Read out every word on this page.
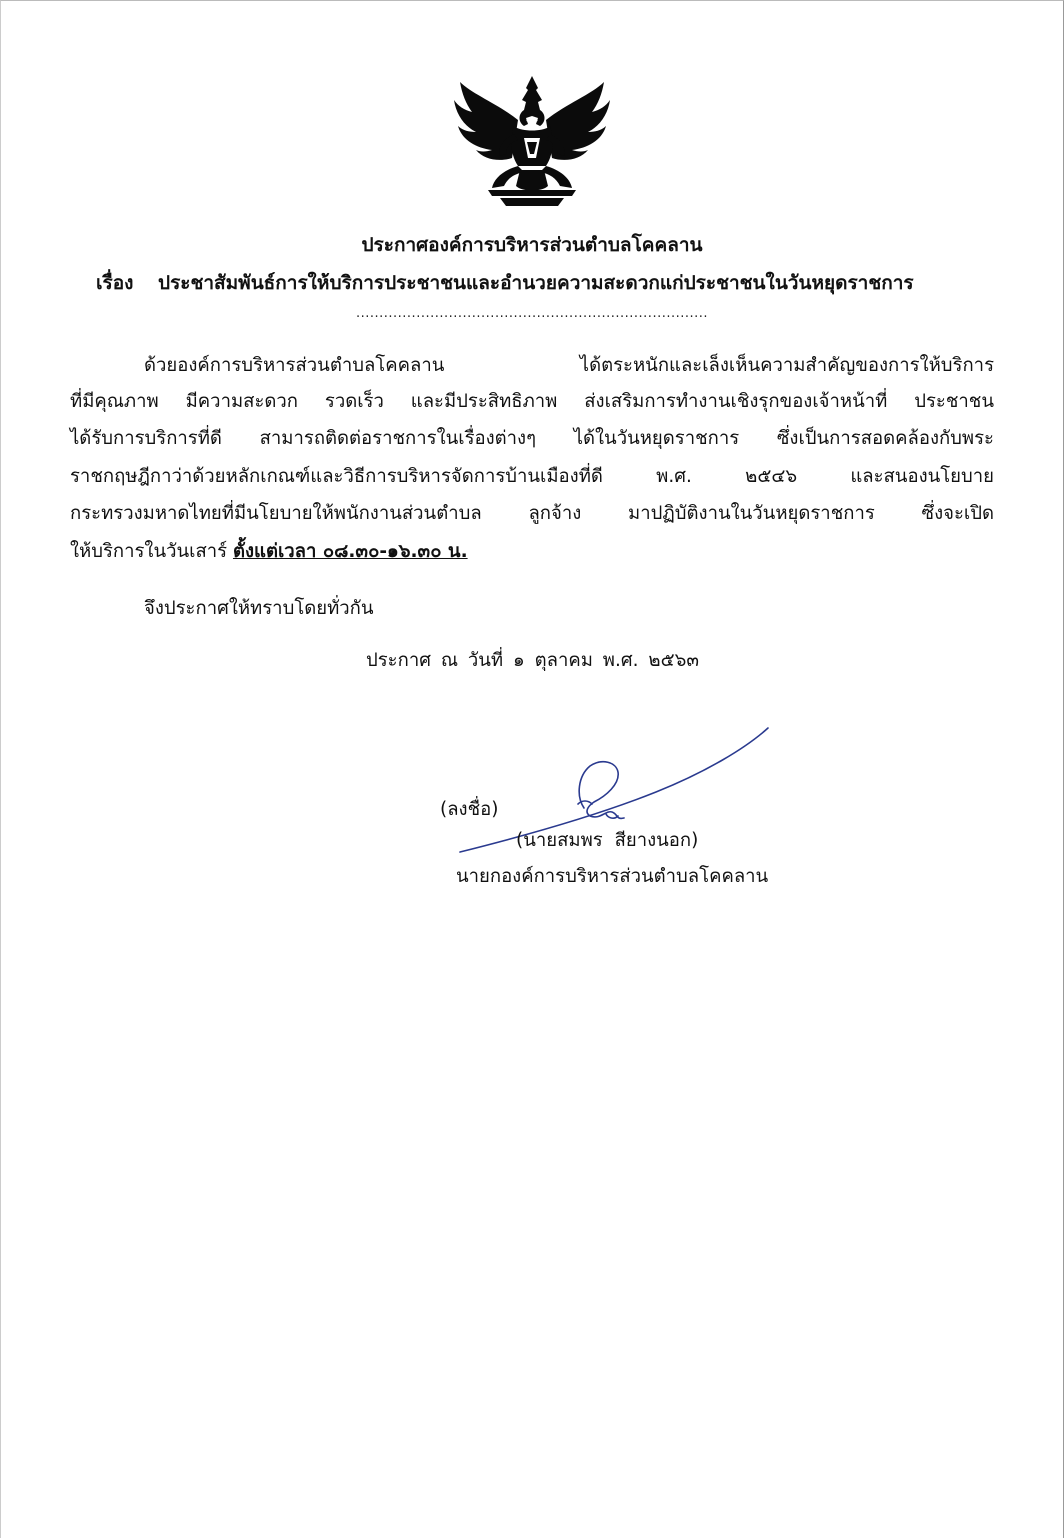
ประกาศองค์การบริหารส่วนตำบลโคคลาน
เรื่อง ประชาสัมพันธ์การให้บริการประชาชนและอำนวยความสะดวกแก่ประชาชนในวันหยุดราชการ
............................................................................
ด้วยองค์การบริหารส่วนตำบลโคคลาน ได้ตระหนักและเล็งเห็นความสำคัญของการให้บริการ
ที่มีคุณภาพ มีความสะดวก รวดเร็ว และมีประสิทธิภาพ ส่งเสริมการทำงานเชิงรุกของเจ้าหน้าที่ ประชาชน
ได้รับการบริการที่ดี สามารถติดต่อราชการในเรื่องต่างๆ ได้ในวันหยุดราชการ ซึ่งเป็นการสอดคล้องกับพระ
ราชกฤษฎีกาว่าด้วยหลักเกณฑ์และวิธีการบริหารจัดการบ้านเมืองที่ดี พ.ศ. ๒๕๔๖ และสนองนโยบาย
กระทรวงมหาดไทยที่มีนโยบายให้พนักงานส่วนตำบล ลูกจ้าง มาปฏิบัติงานในวันหยุดราชการ ซึ่งจะเปิด
ให้บริการในวันเสาร์ ตั้งแต่เวลา ๐๘.๓๐-๑๖.๓๐ น.
จึงประกาศให้ทราบโดยทั่วกัน
ประกาศ ณ วันที่ ๑ ตุลาคม พ.ศ. ๒๕๖๓
(ลงชื่อ)
(นายสมพร สียางนอก)
นายกองค์การบริหารส่วนตำบลโคคลาน
